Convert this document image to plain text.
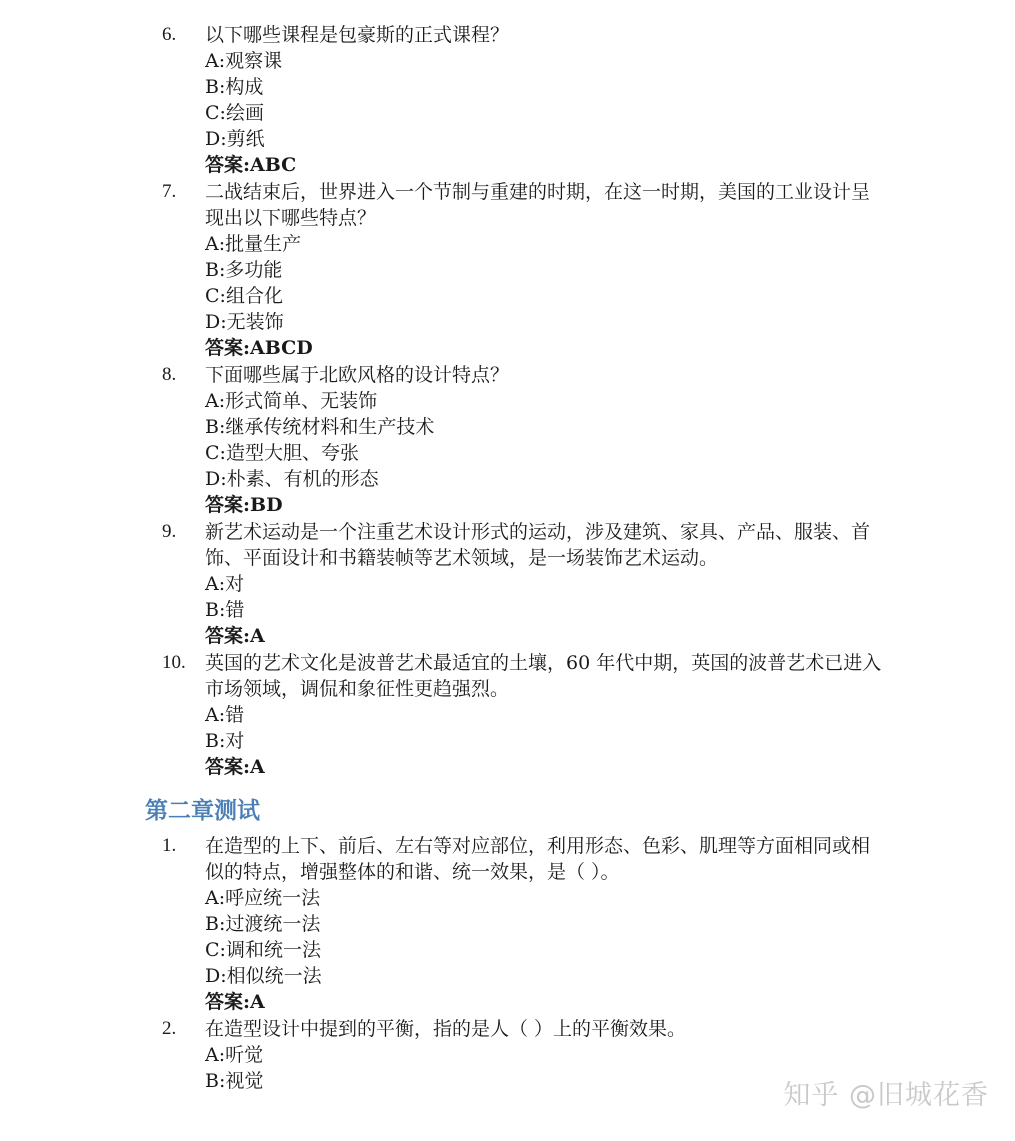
6. 以下哪些课程是包豪斯的正式课程？

A:观察课

B:构成

C:绘画

D:剪纸

答案:ABC

7. 二战结束后，世界进入一个节制与重建的时期，在这一时期，美国的工业设计呈现出以下哪些特点？

A:批量生产

B:多功能

C:组合化

D:无装饰

答案:ABCD

8. 下面哪些属于北欧风格的设计特点？

A:形式简单、无装饰

B:继承传统材料和生产技术

C:造型大胆、夸张

D:朴素、有机的形态

答案:BD

9. 新艺术运动是一个注重艺术设计形式的运动，涉及建筑、家具、产品、服装、首饰、平面设计和书籍装帧等艺术领域，是一场装饰艺术运动。

A:对

B:错

答案:A

10. 英国的艺术文化是波普艺术最适宜的土壤，60 年代中期，英国的波普艺术已进入市场领域，调侃和象征性更趋强烈。

A:错

B:对

答案:A

第二章测试
1. 在造型的上下、前后、左右等对应部位，利用形态、色彩、肌理等方面相同或相似的特点，增强整体的和谐、统一效果，是（ ）。

A:呼应统一法

B:过渡统一法

C:调和统一法

D:相似统一法

答案:A

2. 在造型设计中提到的平衡，指的是人（ ）上的平衡效果。

A:听觉

B:视觉	知乎 @旧城花香
